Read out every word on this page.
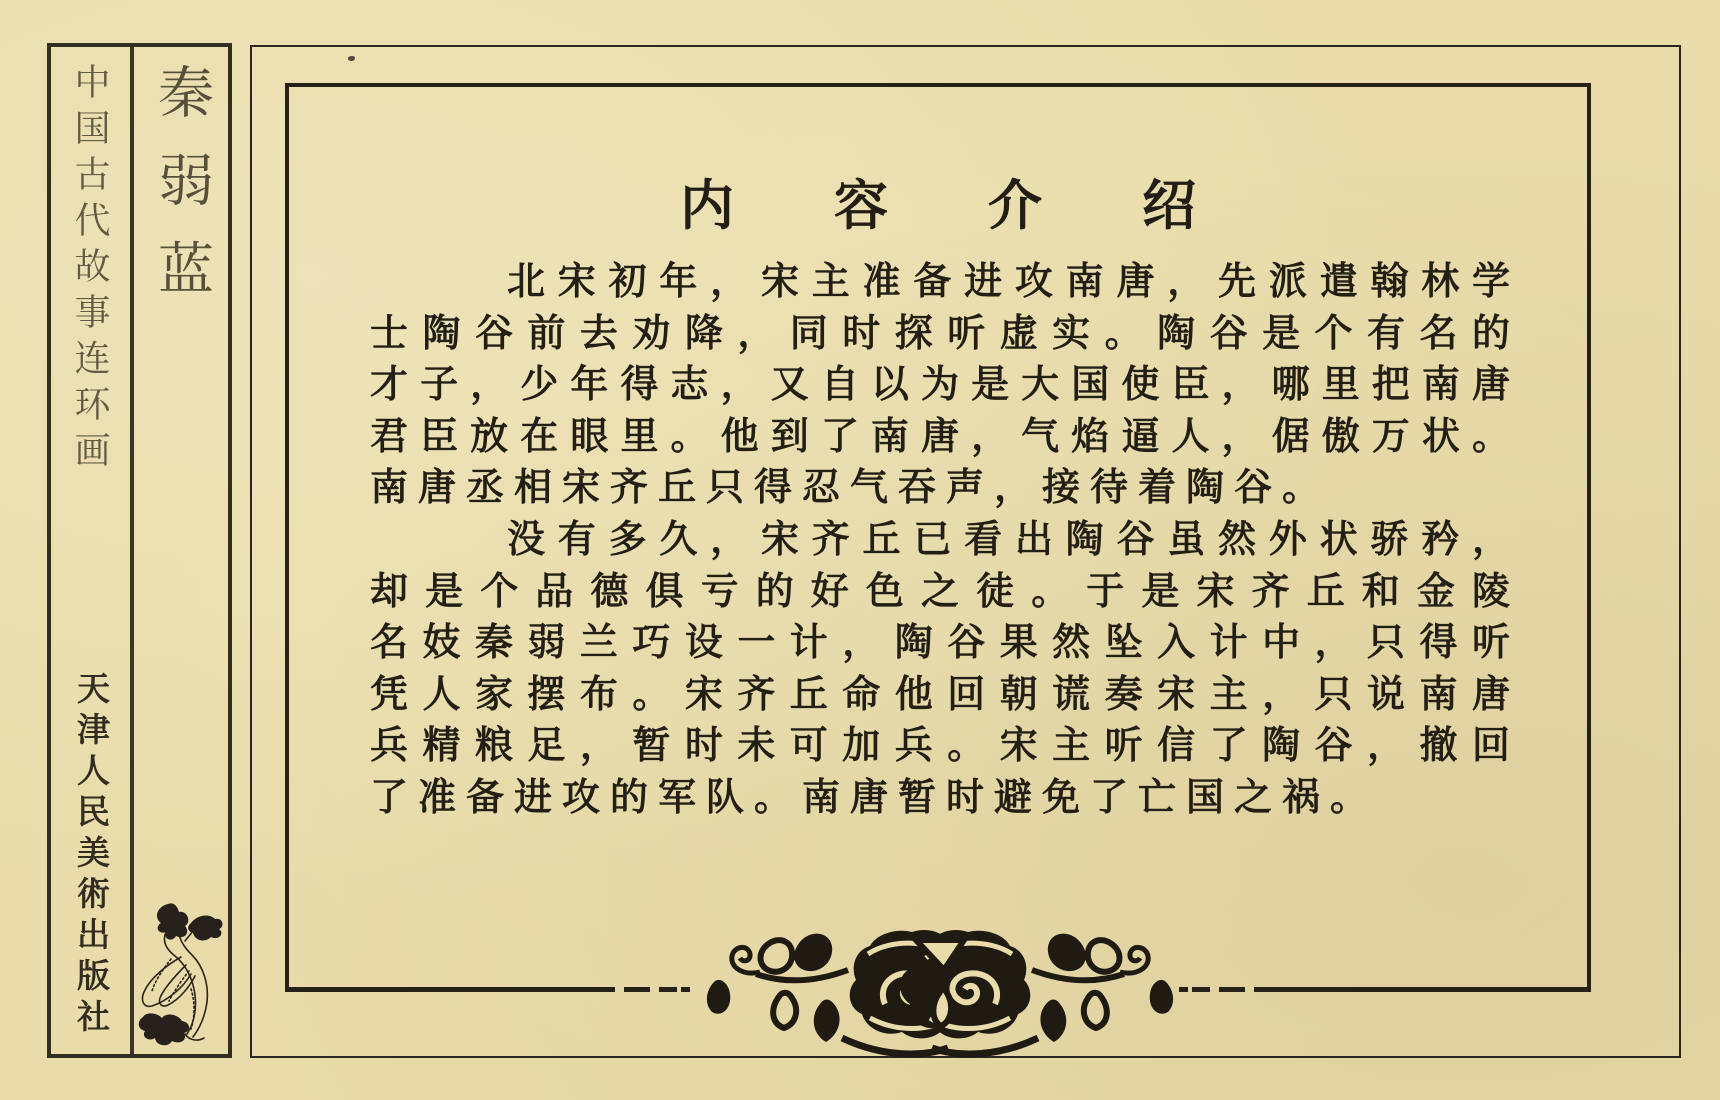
中国古代故事连环画 秦弱蓝
天津人民美術出版社
内容介绍
北宋初年，宋主准备进攻南唐，先派遣翰林学
士陶谷前去劝降，同时探听虚实。陶谷是个有名的
才子，少年得志，又自以为是大国使臣，哪里把南唐
君臣放在眼里。他到了南唐，气焰逼人，倨傲万状。
南唐丞相宋齐丘只得忍气吞声，接待着陶谷。
没有多久，宋齐丘已看出陶谷虽然外状骄矜，
却是个品德俱亏的好色之徒。于是宋齐丘和金陵
名妓秦弱兰巧设一计，陶谷果然坠入计中，只得听
凭人家摆布。宋齐丘命他回朝谎奏宋主，只说南唐
兵精粮足，暂时未可加兵。宋主听信了陶谷，撤回
了准备进攻的军队。南唐暂时避免了亡国之祸。
